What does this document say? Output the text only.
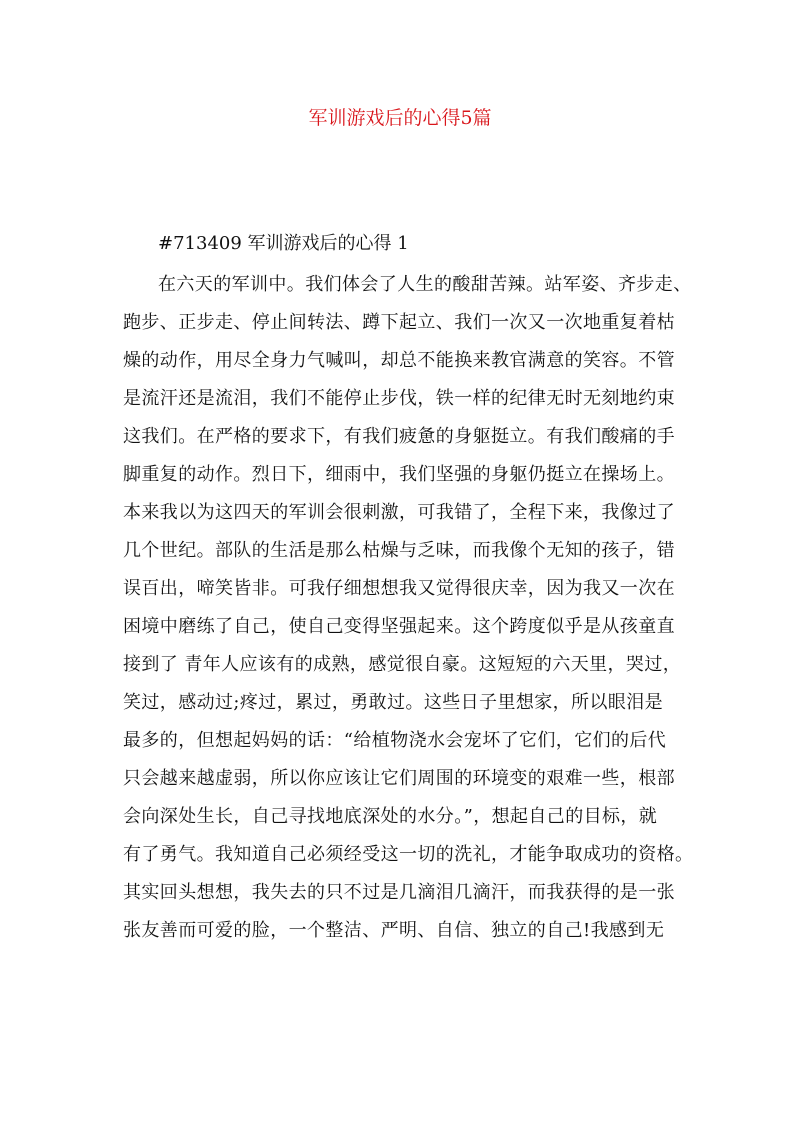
军训游戏后的心得5篇
#713409 军训游戏后的心得 1
在六天的军训中。我们体会了人生的酸甜苦辣。站军姿、齐步走、
跑步、正步走、停止间转法、蹲下起立、我们一次又一次地重复着枯
燥的动作，用尽全身力气喊叫，却总不能换来教官满意的笑容。不管
是流汗还是流泪，我们不能停止步伐，铁一样的纪律无时无刻地约束
这我们。在严格的要求下，有我们疲惫的身躯挺立。有我们酸痛的手
脚重复的动作。烈日下，细雨中，我们坚强的身躯仍挺立在操场上。
本来我以为这四天的军训会很刺激，可我错了，全程下来，我像过了
几个世纪。部队的生活是那么枯燥与乏味，而我像个无知的孩子，错
误百出，啼笑皆非。可我仔细想想我又觉得很庆幸，因为我又一次在
困境中磨练了自己，使自己变得坚强起来。这个跨度似乎是从孩童直
接到了 青年人应该有的成熟，感觉很自豪。这短短的六天里，哭过，
笑过，感动过;疼过，累过，勇敢过。这些日子里想家，所以眼泪是
最多的，但想起妈妈的话：“给植物浇水会宠坏了它们，它们的后代
只会越来越虚弱，所以你应该让它们周围的环境变的艰难一些，根部
会向深处生长，自己寻找地底深处的水分。”，想起自己的目标，就
有了勇气。我知道自己必须经受这一切的洗礼，才能争取成功的资格。
其实回头想想，我失去的只不过是几滴泪几滴汗，而我获得的是一张
张友善而可爱的脸，一个整洁、严明、自信、独立的自己!我感到无
